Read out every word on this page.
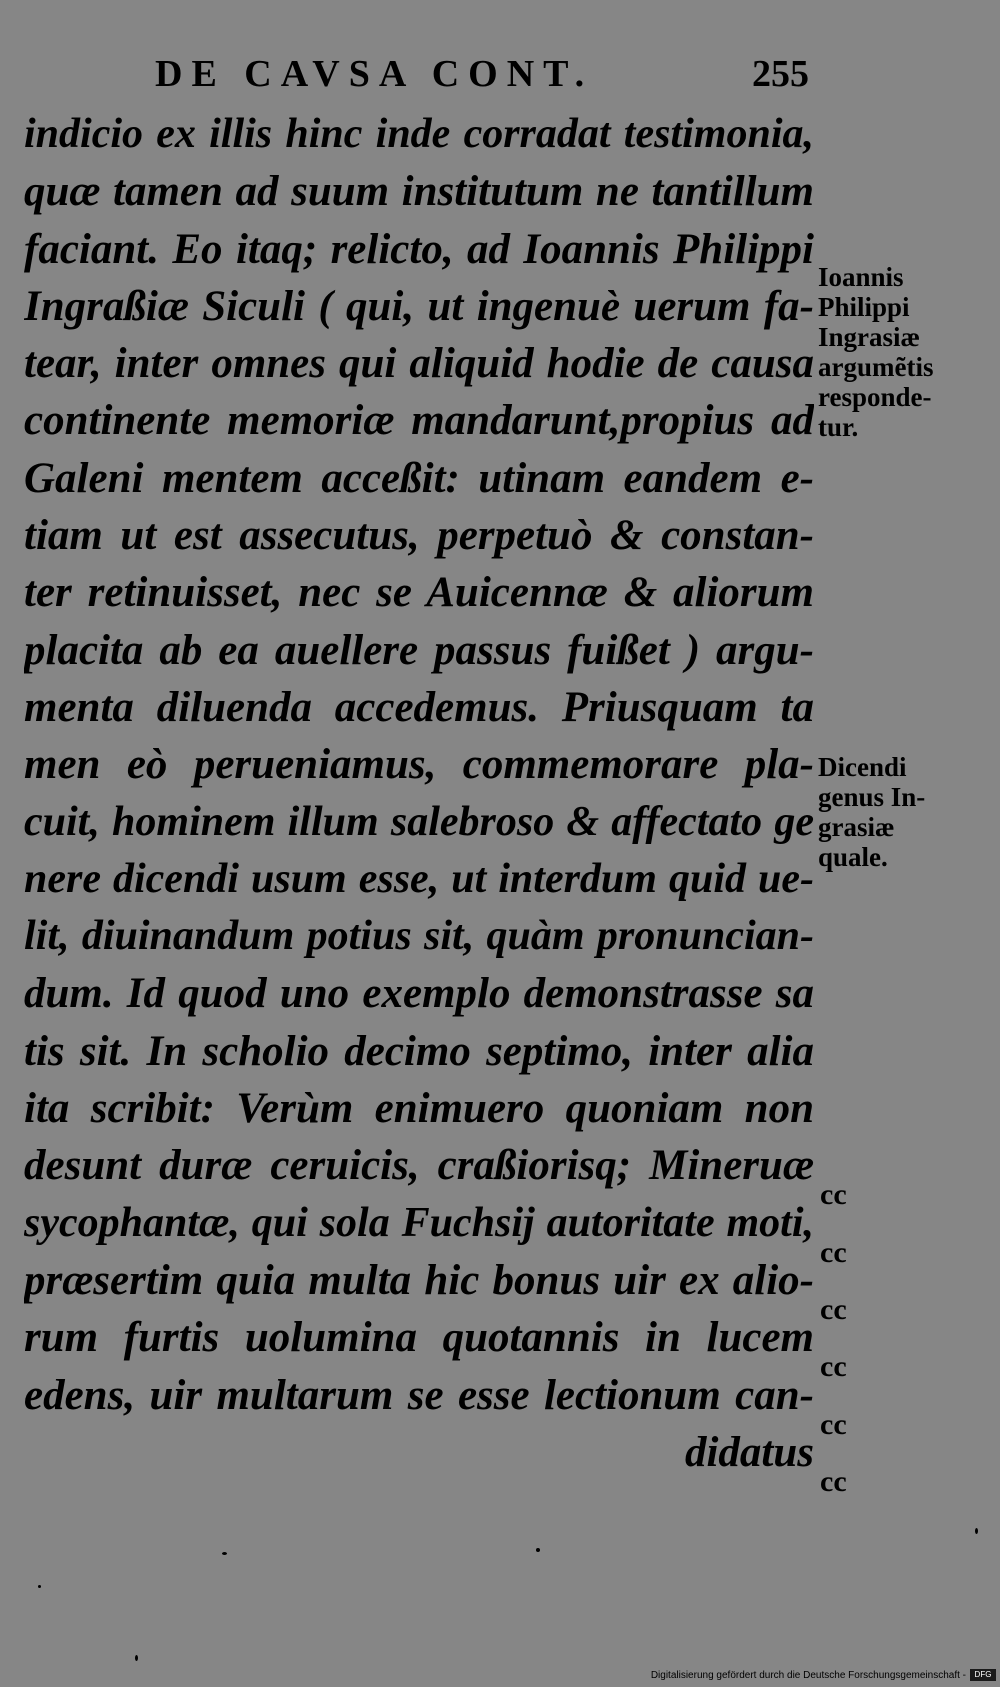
DE CAVSA CONT.	255
indicio ex illis hinc inde corradat testimonia,
quæ tamen ad suum institutum ne tantillum
faciant. Eo itaq; relicto, ad Ioannis Philippi
Ingraßiæ Siculi ( qui, ut ingenuè uerum fa-
tear, inter omnes qui aliquid hodie de causa
continente memoriæ mandarunt,propius ad
Galeni mentem acceßit: utinam eandem e-
tiam ut est assecutus, perpetuò & constan-
ter retinuisset, nec se Auicennæ & aliorum
placita ab ea auellere passus fuißet ) argu-
menta diluenda accedemus. Priusquam ta
men eò perueniamus, commemorare pla-
cuit, hominem illum salebroso & affectato ge
nere dicendi usum esse, ut interdum quid ue-
lit, diuinandum potius sit, quàm pronuncian-
dum. Id quod uno exemplo demonstrasse sa
tis sit. In scholio decimo septimo, inter alia
ita scribit: Verùm enimuero quoniam non
desunt duræ ceruicis, craßiorisq; Mineruæ
sycophantæ, qui sola Fuchsij autoritate moti,
præsertim quia multa hic bonus uir ex alio-
rum furtis uolumina quotannis in lucem
edens, uir multarum se esse lectionum can-
didatus
Ioannis
Philippi
Ingrasiæ
argumẽtis
responde-
tur.
Dicendi
genus In-
grasiæ
quale.
cc
cc
cc
cc
cc
cc
Digitalisierung gefördert durch die Deutsche Forschungsgemeinschaft -	DFG
